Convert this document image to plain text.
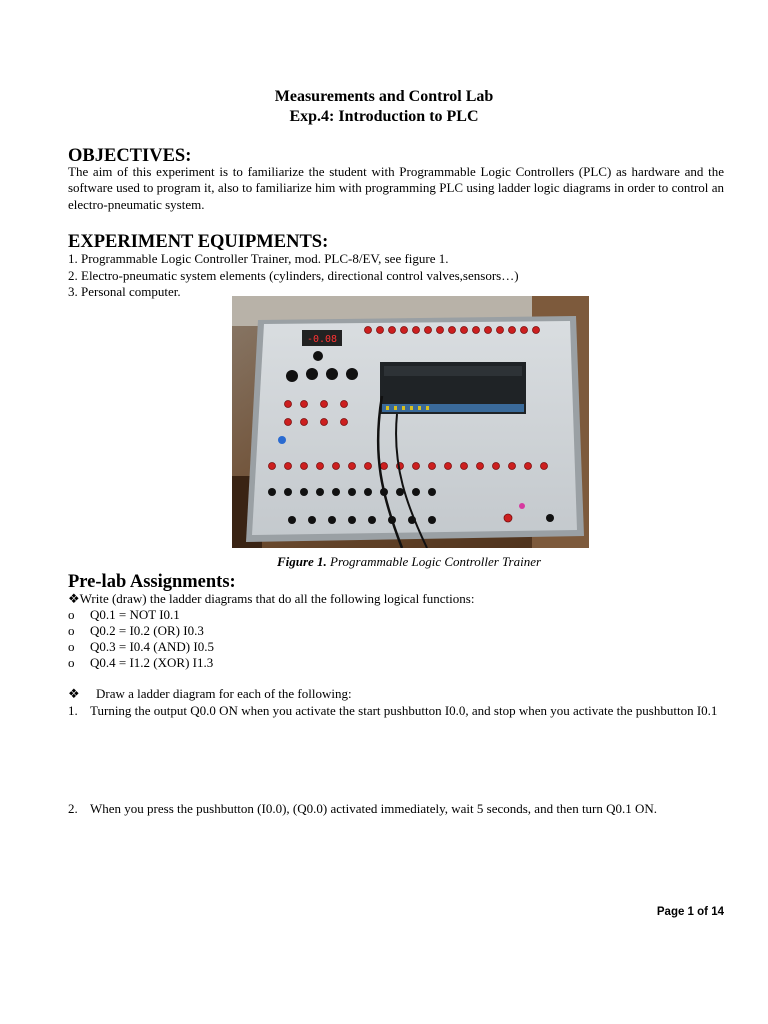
Measurements and Control Lab
Exp.4: Introduction to PLC
OBJECTIVES:
The aim of this experiment is to familiarize the student with Programmable Logic Controllers (PLC) as hardware and the software used to program it, also to familiarize him with programming PLC using ladder logic diagrams in order to control an electro-pneumatic system.
EXPERIMENT EQUIPMENTS:
1. Programmable Logic Controller Trainer, mod. PLC-8/EV, see figure 1.
2. Electro-pneumatic system elements (cylinders, directional control valves,sensors…)
3. Personal computer.
-0.08
Figure 1. Programmable Logic Controller Trainer
Pre-lab Assignments:
❖Write (draw) the ladder diagrams that do all the following logical functions:
o Q0.1 = NOT I0.1
o Q0.2 = I0.2 (OR) I0.3
o Q0.3 = I0.4 (AND) I0.5
o Q0.4 = I1.2 (XOR) I1.3
❖ Draw a ladder diagram for each of the following:
1. Turning the output Q0.0 ON when you activate the start pushbutton I0.0, and stop when you activate the pushbutton I0.1
2. When you press the pushbutton (I0.0), (Q0.0) activated immediately, wait 5 seconds, and then turn Q0.1 ON.
Page 1 of 14
